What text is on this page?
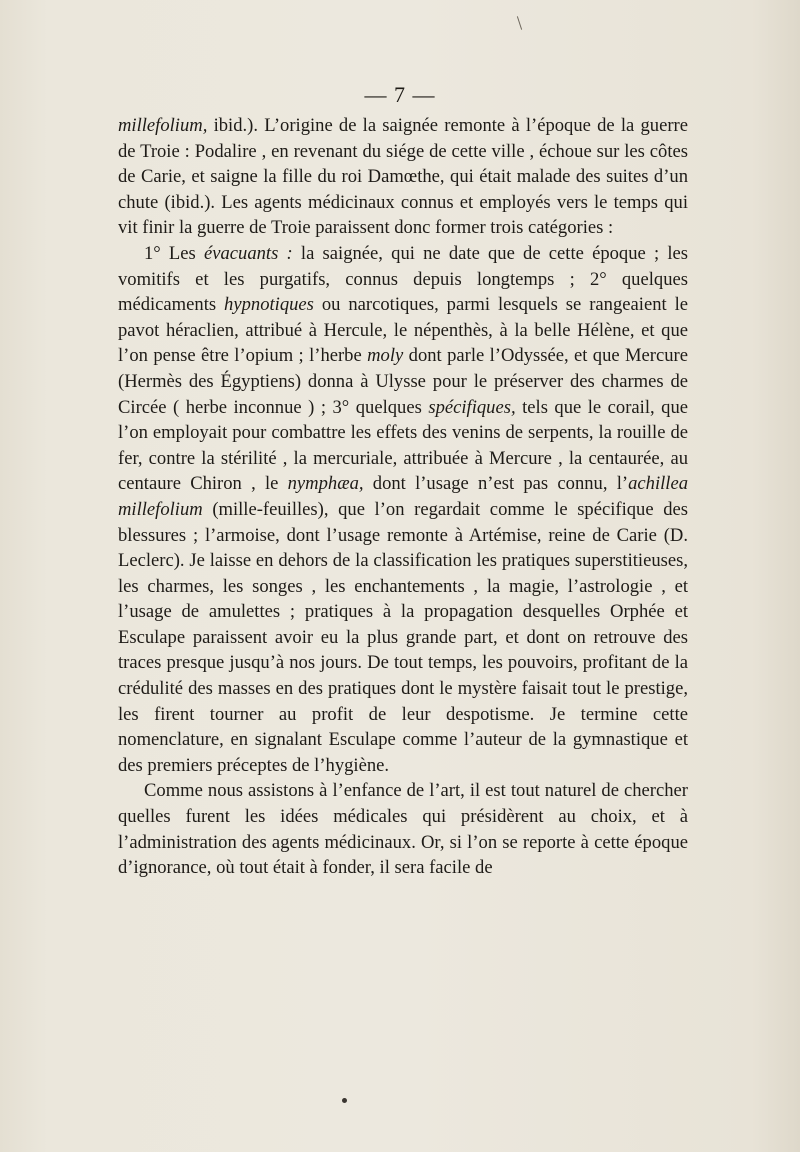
— 7 —

millefolium, ibid.). L’origine de la saignée remonte à l’époque de la guerre de Troie : Podalire , en revenant du siége de cette ville , échoue sur les côtes de Carie, et saigne la fille du roi Damœthe, qui était malade des suites d’un chute (ibid.). Les agents médicinaux connus et employés vers le temps qui vit finir la guerre de Troie paraissent donc former trois catégories :

1° Les évacuants : la saignée, qui ne date que de cette époque ; les vomitifs et les purgatifs, connus depuis longtemps ; 2° quelques médicaments hypnotiques ou narcotiques, parmi lesquels se rangeaient le pavot héraclien, attribué à Hercule, le népenthès, à la belle Hélène, et que l’on pense être l’opium ; l’herbe moly dont parle l’Odyssée, et que Mercure (Hermès des Égyptiens) donna à Ulysse pour le préserver des charmes de Circée ( herbe inconnue ) ; 3° quelques spécifiques, tels que le corail, que l’on employait pour combattre les effets des venins de serpents, la rouille de fer, contre la stérilité , la mercuriale, attribuée à Mercure , la centaurée, au centaure Chiron , le nymphæa, dont l’usage n’est pas connu, l’achillea millefolium (mille-feuilles), que l’on regardait comme le spécifique des blessures ; l’armoise, dont l’usage remonte à Artémise, reine de Carie (D. Leclerc). Je laisse en dehors de la classification les pratiques superstitieuses, les charmes, les songes , les enchantements , la magie, l’astrologie , et l’usage de amulettes ; pratiques à la propagation desquelles Orphée et Esculape paraissent avoir eu la plus grande part, et dont on retrouve des traces presque jusqu’à nos jours. De tout temps, les pouvoirs, profitant de la crédulité des masses en des pratiques dont le mystère faisait tout le prestige, les firent tourner au profit de leur despotisme. Je termine cette nomenclature, en signalant Esculape comme l’auteur de la gymnastique et des premiers préceptes de l’hygiène.

Comme nous assistons à l’enfance de l’art, il est tout naturel de chercher quelles furent les idées médicales qui présidèrent au choix, et à l’administration des agents médicinaux. Or, si l’on se reporte à cette époque d’ignorance, où tout était à fonder, il sera facile de
